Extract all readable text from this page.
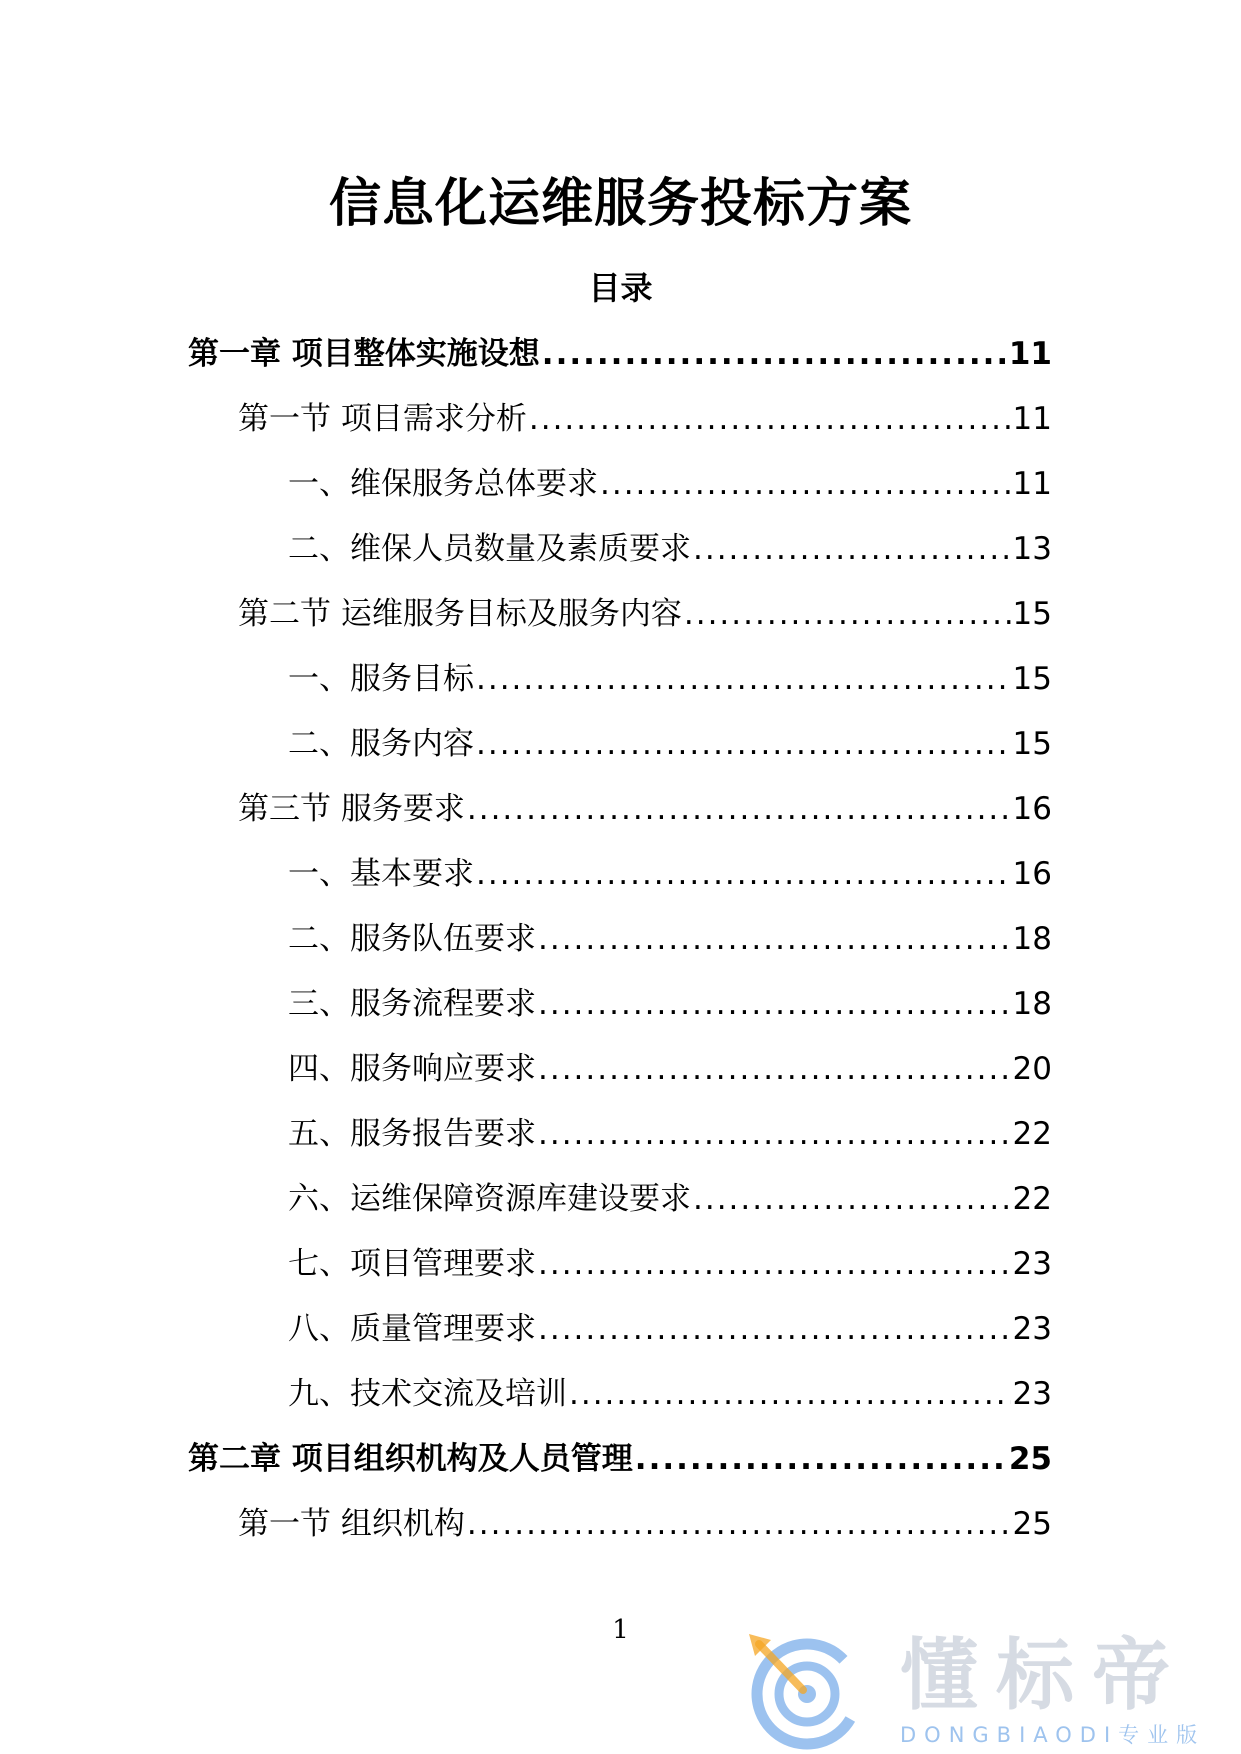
信息化运维服务投标方案
目录
第一章 项目整体实施设想 .....	11
第一节 项目需求分析 .....	11
一、维保服务总体要求 .....	11
二、维保人员数量及素质要求 .....	13
第二节 运维服务目标及服务内容 .....	15
一、服务目标 .....	15
二、服务内容 .....	15
第三节 服务要求 .....	16
一、基本要求 .....	16
二、服务队伍要求 .....	18
三、服务流程要求 .....	18
四、服务响应要求 .....	20
五、服务报告要求 .....	22
六、运维保障资源库建设要求 .....	22
七、项目管理要求 .....	23
八、质量管理要求 .....	23
九、技术交流及培训 .....	23
第二章 项目组织机构及人员管理 .....	25
第一节 组织机构 .....	25
1
懂标帝
DONGBIAODI专业版
